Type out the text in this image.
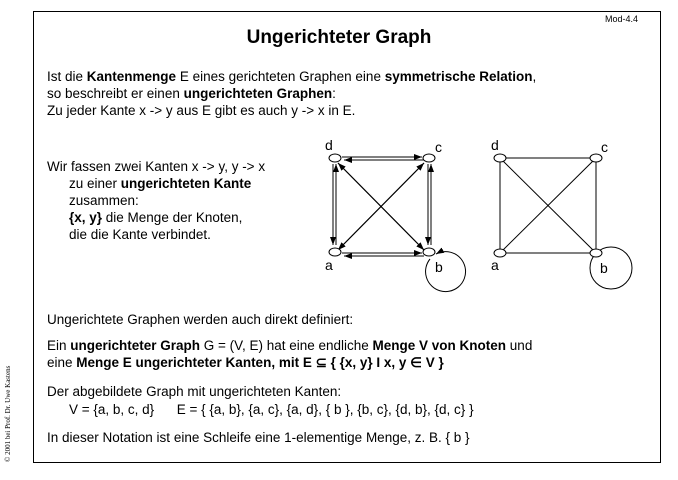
Mod-4.4
Ungerichteter Graph
Ist die Kantenmenge E eines gerichteten Graphen eine symmetrische Relation,
so beschreibt er einen ungerichteten Graphen:
Zu jeder Kante x -> y aus E gibt es auch y -> x in E.
Wir fassen zwei Kanten x -> y, y -> x
zu einer ungerichteten Kante
zusammen:
{x, y} die Menge der Knoten,
die die Kante verbindet.
d	c
a	b
d	c
a	b
Ungerichtete Graphen werden auch direkt definiert:
Ein ungerichteter Graph G = (V, E) hat eine endliche Menge V von Knoten und
eine Menge E ungerichteter Kanten, mit E ⊆ { {x, y} I x, y ∈ V }
Der abgebildete Graph mit ungerichteten Kanten:
V = {a, b, c, d}      E = { {a, b}, {a, c}, {a, d}, { b }, {b, c}, {d, b}, {d, c} }
In dieser Notation ist eine Schleife eine 1-elementige Menge, z. B. { b }
© 2001 bei Prof. Dr. Uwe Kastens
